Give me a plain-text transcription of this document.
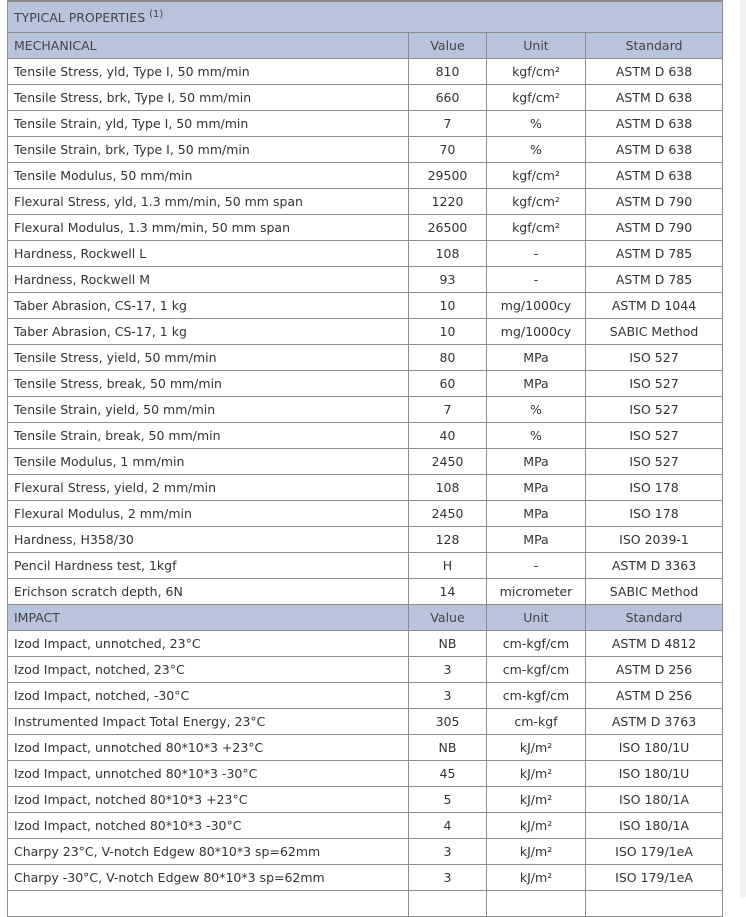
TYPICAL PROPERTIES $^{(1)}$
MECHANICAL	Value	Unit	Standard
Tensile Stress, yld, Type I, 50 mm/min	810	kgf/cm²	ASTM D 638
Tensile Stress, brk, Type I, 50 mm/min	660	kgf/cm²	ASTM D 638
Tensile Strain, yld, Type I, 50 mm/min	7	%	ASTM D 638
Tensile Strain, brk, Type I, 50 mm/min	70	%	ASTM D 638
Tensile Modulus, 50 mm/min	29500	kgf/cm²	ASTM D 638
Flexural Stress, yld, 1.3 mm/min, 50 mm span	1220	kgf/cm²	ASTM D 790
Flexural Modulus, 1.3 mm/min, 50 mm span	26500	kgf/cm²	ASTM D 790
Hardness, Rockwell L	108	-	ASTM D 785
Hardness, Rockwell M	93	-	ASTM D 785
Taber Abrasion, CS-17, 1 kg	10	mg/1000cy	ASTM D 1044
Taber Abrasion, CS-17, 1 kg	10	mg/1000cy	SABIC Method
Tensile Stress, yield, 50 mm/min	80	MPa	ISO 527
Tensile Stress, break, 50 mm/min	60	MPa	ISO 527
Tensile Strain, yield, 50 mm/min	7	%	ISO 527
Tensile Strain, break, 50 mm/min	40	%	ISO 527
Tensile Modulus, 1 mm/min	2450	MPa	ISO 527
Flexural Stress, yield, 2 mm/min	108	MPa	ISO 178
Flexural Modulus, 2 mm/min	2450	MPa	ISO 178
Hardness, H358/30	128	MPa	ISO 2039-1
Pencil Hardness test, 1kgf	H	-	ASTM D 3363
Erichson scratch depth, 6N	14	micrometer	SABIC Method
IMPACT	Value	Unit	Standard
Izod Impact, unnotched, 23°C	NB	cm-kgf/cm	ASTM D 4812
Izod Impact, notched, 23°C	3	cm-kgf/cm	ASTM D 256
Izod Impact, notched, -30°C	3	cm-kgf/cm	ASTM D 256
Instrumented Impact Total Energy, 23°C	305	cm-kgf	ASTM D 3763
Izod Impact, unnotched 80*10*3 +23°C	NB	kJ/m²	ISO 180/1U
Izod Impact, unnotched 80*10*3 -30°C	45	kJ/m²	ISO 180/1U
Izod Impact, notched 80*10*3 +23°C	5	kJ/m²	ISO 180/1A
Izod Impact, notched 80*10*3 -30°C	4	kJ/m²	ISO 180/1A
Charpy 23°C, V-notch Edgew 80*10*3 sp=62mm	3	kJ/m²	ISO 179/1eA
Charpy -30°C, V-notch Edgew 80*10*3 sp=62mm	3	kJ/m²	ISO 179/1eA
